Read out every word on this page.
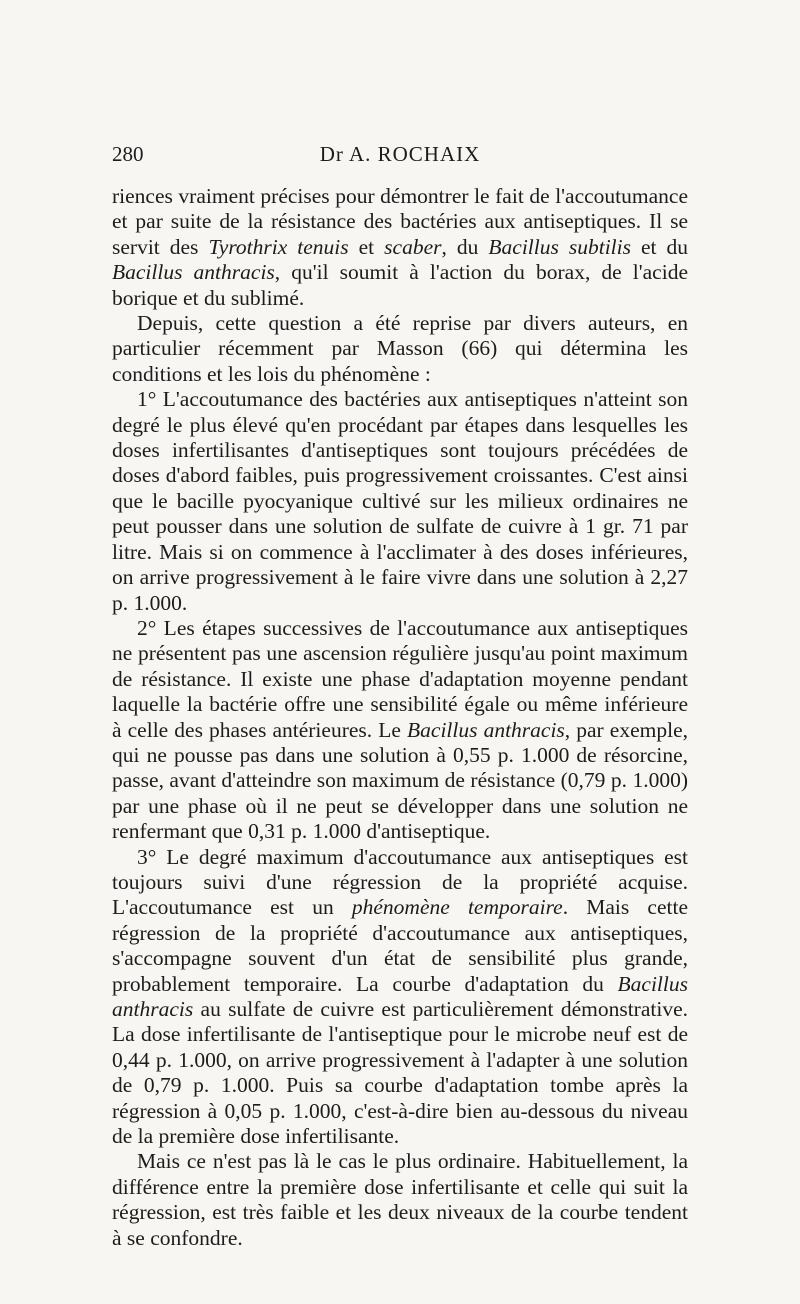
280	Dr A. ROCHAIX

riences vraiment précises pour démontrer le fait de l'accoutumance et par suite de la résistance des bactéries aux antiseptiques. Il se servit des Tyrothrix tenuis et scaber, du Bacillus subtilis et du Bacillus anthracis, qu'il soumit à l'action du borax, de l'acide borique et du sublimé.

Depuis, cette question a été reprise par divers auteurs, en particulier récemment par Masson (66) qui détermina les conditions et les lois du phénomène :

1° L'accoutumance des bactéries aux antiseptiques n'atteint son degré le plus élevé qu'en procédant par étapes dans lesquelles les doses infertilisantes d'antiseptiques sont toujours précédées de doses d'abord faibles, puis progressivement croissantes. C'est ainsi que le bacille pyocyanique cultivé sur les milieux ordinaires ne peut pousser dans une solution de sulfate de cuivre à 1 gr. 71 par litre. Mais si on commence à l'acclimater à des doses inférieures, on arrive progressivement à le faire vivre dans une solution à 2,27 p. 1.000.

2° Les étapes successives de l'accoutumance aux antiseptiques ne présentent pas une ascension régulière jusqu'au point maximum de résistance. Il existe une phase d'adaptation moyenne pendant laquelle la bactérie offre une sensibilité égale ou même inférieure à celle des phases antérieures. Le Bacillus anthracis, par exemple, qui ne pousse pas dans une solution à 0,55 p. 1.000 de résorcine, passe, avant d'atteindre son maximum de résistance (0,79 p. 1.000) par une phase où il ne peut se développer dans une solution ne renfermant que 0,31 p. 1.000 d'antiseptique.

3° Le degré maximum d'accoutumance aux antiseptiques est toujours suivi d'une régression de la propriété acquise. L'accoutumance est un phénomène temporaire. Mais cette régression de la propriété d'accoutumance aux antiseptiques, s'accompagne souvent d'un état de sensibilité plus grande, probablement temporaire. La courbe d'adaptation du Bacillus anthracis au sulfate de cuivre est particulièrement démonstrative. La dose infertilisante de l'antiseptique pour le microbe neuf est de 0,44 p. 1.000, on arrive progressivement à l'adapter à une solution de 0,79 p. 1.000. Puis sa courbe d'adaptation tombe après la régression à 0,05 p. 1.000, c'est-à-dire bien au-dessous du niveau de la première dose infertilisante.

Mais ce n'est pas là le cas le plus ordinaire. Habituellement, la différence entre la première dose infertilisante et celle qui suit la régression, est très faible et les deux niveaux de la courbe tendent à se confondre.
